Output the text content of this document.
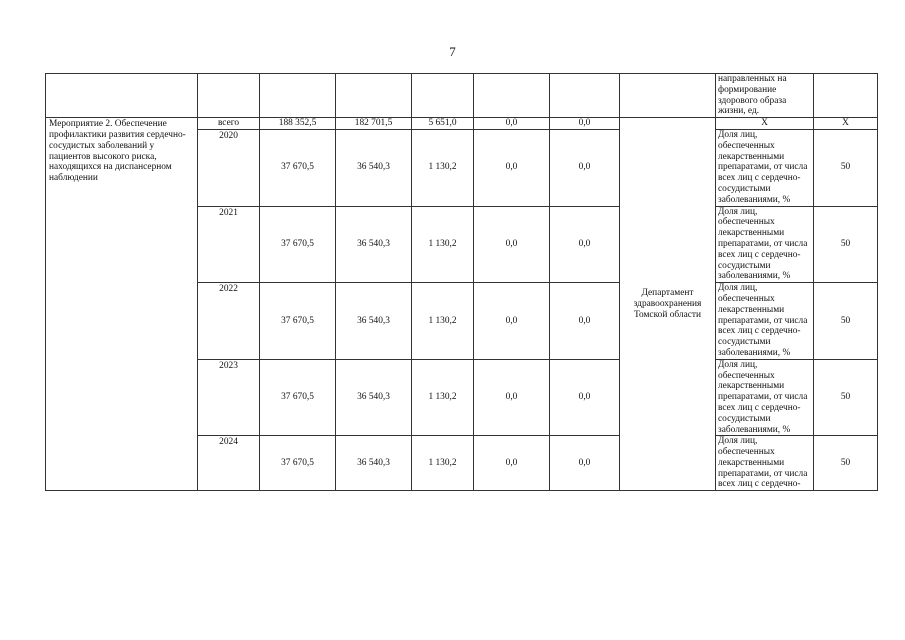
7

								направленных на формирование здорового образа жизни, ед.	

Мероприятие 2. Обеспечение профилактики развития сердечно-сосудистых заболеваний у пациентов высокого риска, находящихся на диспансерном наблюдении	всего	188 352,5	182 701,5	5 651,0	0,0	0,0	Департамент здравоохранения Томской области	Х	Х
	2020	37 670,5	36 540,3	1 130,2	0,0	0,0		Доля лиц, обеспеченных лекарственными препаратами, от числа всех лиц с сердечно-сосудистыми заболеваниями, %	50
	2021	37 670,5	36 540,3	1 130,2	0,0	0,0		Доля лиц, обеспеченных лекарственными препаратами, от числа всех лиц с сердечно-сосудистыми заболеваниями, %	50
	2022	37 670,5	36 540,3	1 130,2	0,0	0,0		Доля лиц, обеспеченных лекарственными препаратами, от числа всех лиц с сердечно-сосудистыми заболеваниями, %	50
	2023	37 670,5	36 540,3	1 130,2	0,0	0,0		Доля лиц, обеспеченных лекарственными препаратами, от числа всех лиц с сердечно-сосудистыми заболеваниями, %	50
	2024	37 670,5	36 540,3	1 130,2	0,0	0,0		Доля лиц, обеспеченных лекарственными препаратами, от числа всех лиц с сердечно-	50
